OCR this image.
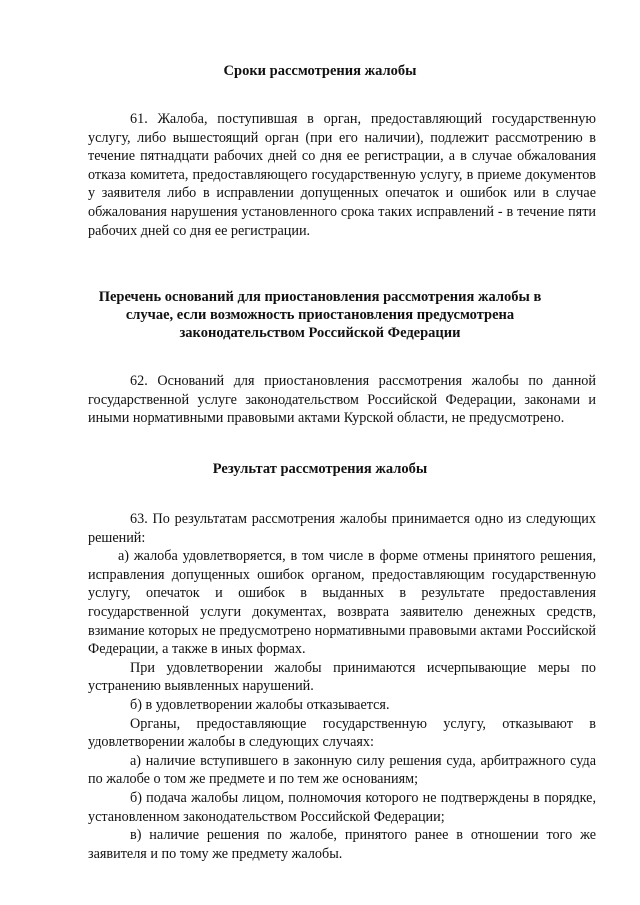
Сроки рассмотрения жалобы

61. Жалоба, поступившая в орган, предоставляющий государственную услугу, либо вышестоящий орган (при его наличии), подлежит рассмотрению в течение пятнадцати рабочих дней со дня ее регистрации, а в случае обжалования отказа комитета, предоставляющего государственную услугу, в приеме документов у заявителя либо в исправлении допущенных опечаток и ошибок или в случае обжалования нарушения установленного срока таких исправлений - в течение пяти рабочих дней со дня ее регистрации.

Перечень оснований для приостановления рассмотрения жалобы в
случае, если возможность приостановления предусмотрена
законодательством Российской Федерации

62. Оснований для приостановления рассмотрения жалобы по данной государственной услуге законодательством Российской Федерации, законами и иными нормативными правовыми актами Курской области, не предусмотрено.

Результат рассмотрения жалобы

63. По результатам рассмотрения жалобы принимается одно из следующих решений:

а) жалоба удовлетворяется, в том числе в форме отмены принятого решения, исправления допущенных ошибок органом, предоставляющим государственную услугу, опечаток и ошибок в выданных в результате предоставления государственной услуги документах, возврата заявителю денежных средств, взимание которых не предусмотрено нормативными правовыми актами Российской Федерации, а также в иных формах.

При удовлетворении жалобы принимаются исчерпывающие меры по устранению выявленных нарушений.

б) в удовлетворении жалобы отказывается.

Органы, предоставляющие государственную услугу, отказывают в удовлетворении жалобы в следующих случаях:

а) наличие вступившего в законную силу решения суда, арбитражного суда по жалобе о том же предмете и по тем же основаниям;

б) подача жалобы лицом, полномочия которого не подтверждены в порядке, установленном законодательством Российской Федерации;

в) наличие решения по жалобе, принятого ранее в отношении того же заявителя и по тому же предмету жалобы.
